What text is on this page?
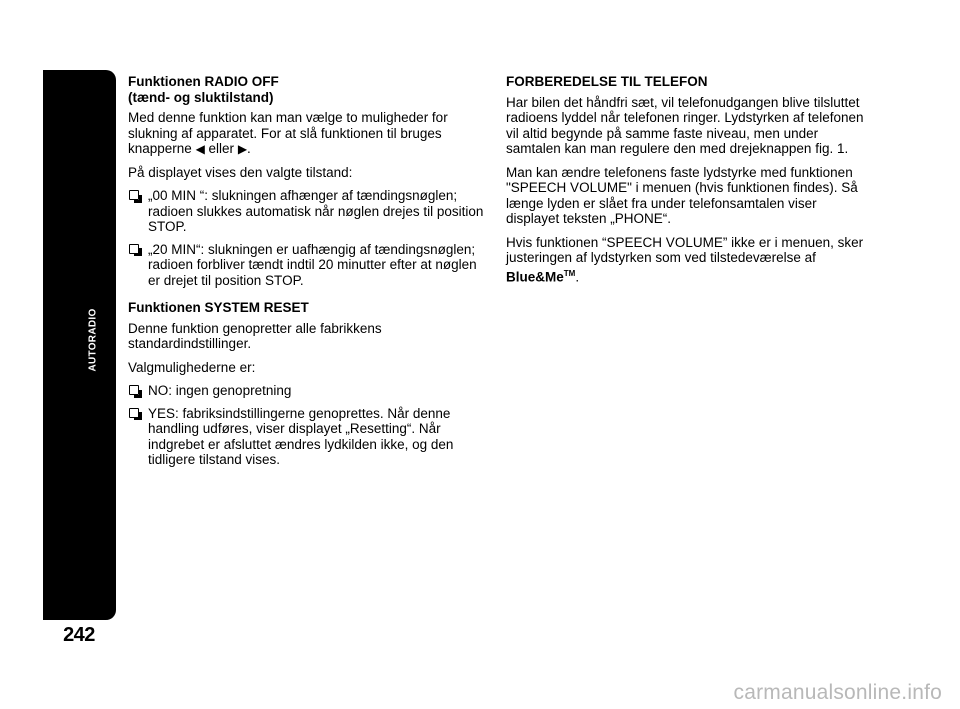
AUTORADIO
242

Funktionen RADIO OFF

(tænd- og sluktilstand)

Med denne funktion kan man vælge to muligheder for slukning af apparatet. For at slå funktionen til bruges knapperne ◀ eller ▶.

På displayet vises den valgte tilstand:

„00 MIN “: slukningen afhænger af tændingsnøglen; radioen slukkes automatisk når nøglen drejes til position STOP.

„20 MIN“: slukningen er uafhængig af tændingsnøglen; radioen forbliver tændt indtil 20 minutter efter at nøglen er drejet til position STOP.

Funktionen SYSTEM RESET

Denne funktion genopretter alle fabrikkens standardindstillinger.

Valgmulighederne er:

NO: ingen genopretning

YES: fabriksindstillingerne genoprettes. Når denne handling udføres, viser displayet „Resetting“. Når indgrebet er afsluttet ændres lydkilden ikke, og den tidligere tilstand vises.

FORBEREDELSE TIL TELEFON

Har bilen det håndfri sæt, vil telefonudgangen blive tilsluttet radioens lyddel når telefonen ringer. Lydstyrken af telefonen vil altid begynde på samme faste niveau, men under samtalen kan man regulere den med drejeknappen fig. 1.

Man kan ændre telefonens faste lydstyrke med funktionen "SPEECH VOLUME" i menuen (hvis funktionen findes). Så længe lyden er slået fra under telefonsamtalen viser displayet teksten „PHONE“.

Hvis funktionen “SPEECH VOLUME” ikke er i menuen, sker justeringen af lydstyrken som ved tilstedeværelse af Blue&Me™.

carmanualsonline.info
